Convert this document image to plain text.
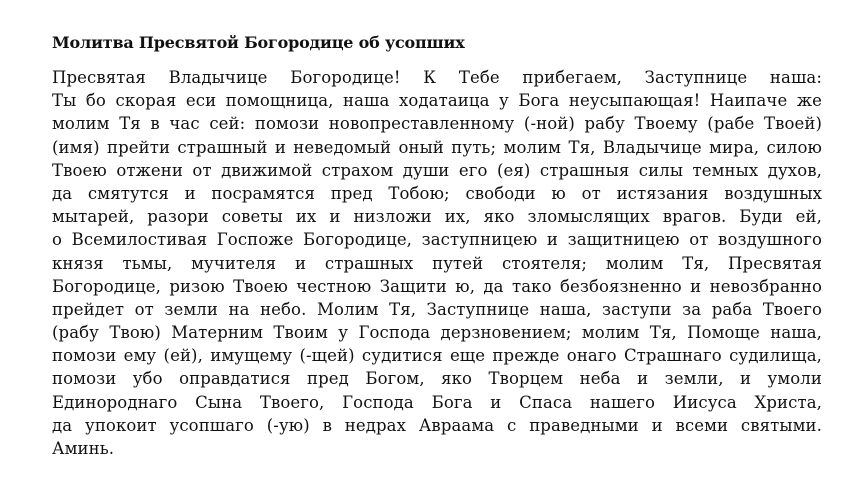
Молитва Пресвятой Богородице об усопших
Пресвятая Владычице Богородице! К Тебе прибегаем, Заступнице наша:
Ты бо скорая еси помощница, наша ходатаица у Бога неусыпающая! Наипаче же
молим Тя в час сей: помози новопреставленному (-ной) рабу Твоему (рабе Твоей)
(имя) прейти страшный и неведомый оный путь; молим Тя, Владычице мира, силою
Твоею отжени от движимой страхом души его (ея) страшныя силы темных духов,
да смятутся и посрамятся пред Тобою; свободи ю от истязания воздушных
мытарей, разори советы их и низложи их, яко зломыслящих врагов. Буди ей,
о Всемилостивая Госпоже Богородице, заступницею и защитницею от воздушного
князя тьмы, мучителя и страшных путей стоятеля; молим Тя, Пресвятая
Богородице, ризою Твоею честною Защити ю, да тако безбоязненно и невозбранно
прейдет от земли на небо. Молим Тя, Заступнице наша, заступи за раба Твоего
(рабу Твою) Матерним Твоим у Господа дерзновением; молим Тя, Помоще наша,
помози ему (ей), имущему (-щей) судитися еще прежде онаго Страшнаго судилища,
помози убо оправдатися пред Богом, яко Творцем неба и земли, и умоли
Единороднаго Сына Твоего, Господа Бога и Спаса нашего Иисуса Христа,
да упокоит усопшаго (-ую) в недрах Авраама с праведными и всеми святыми.
Аминь.
